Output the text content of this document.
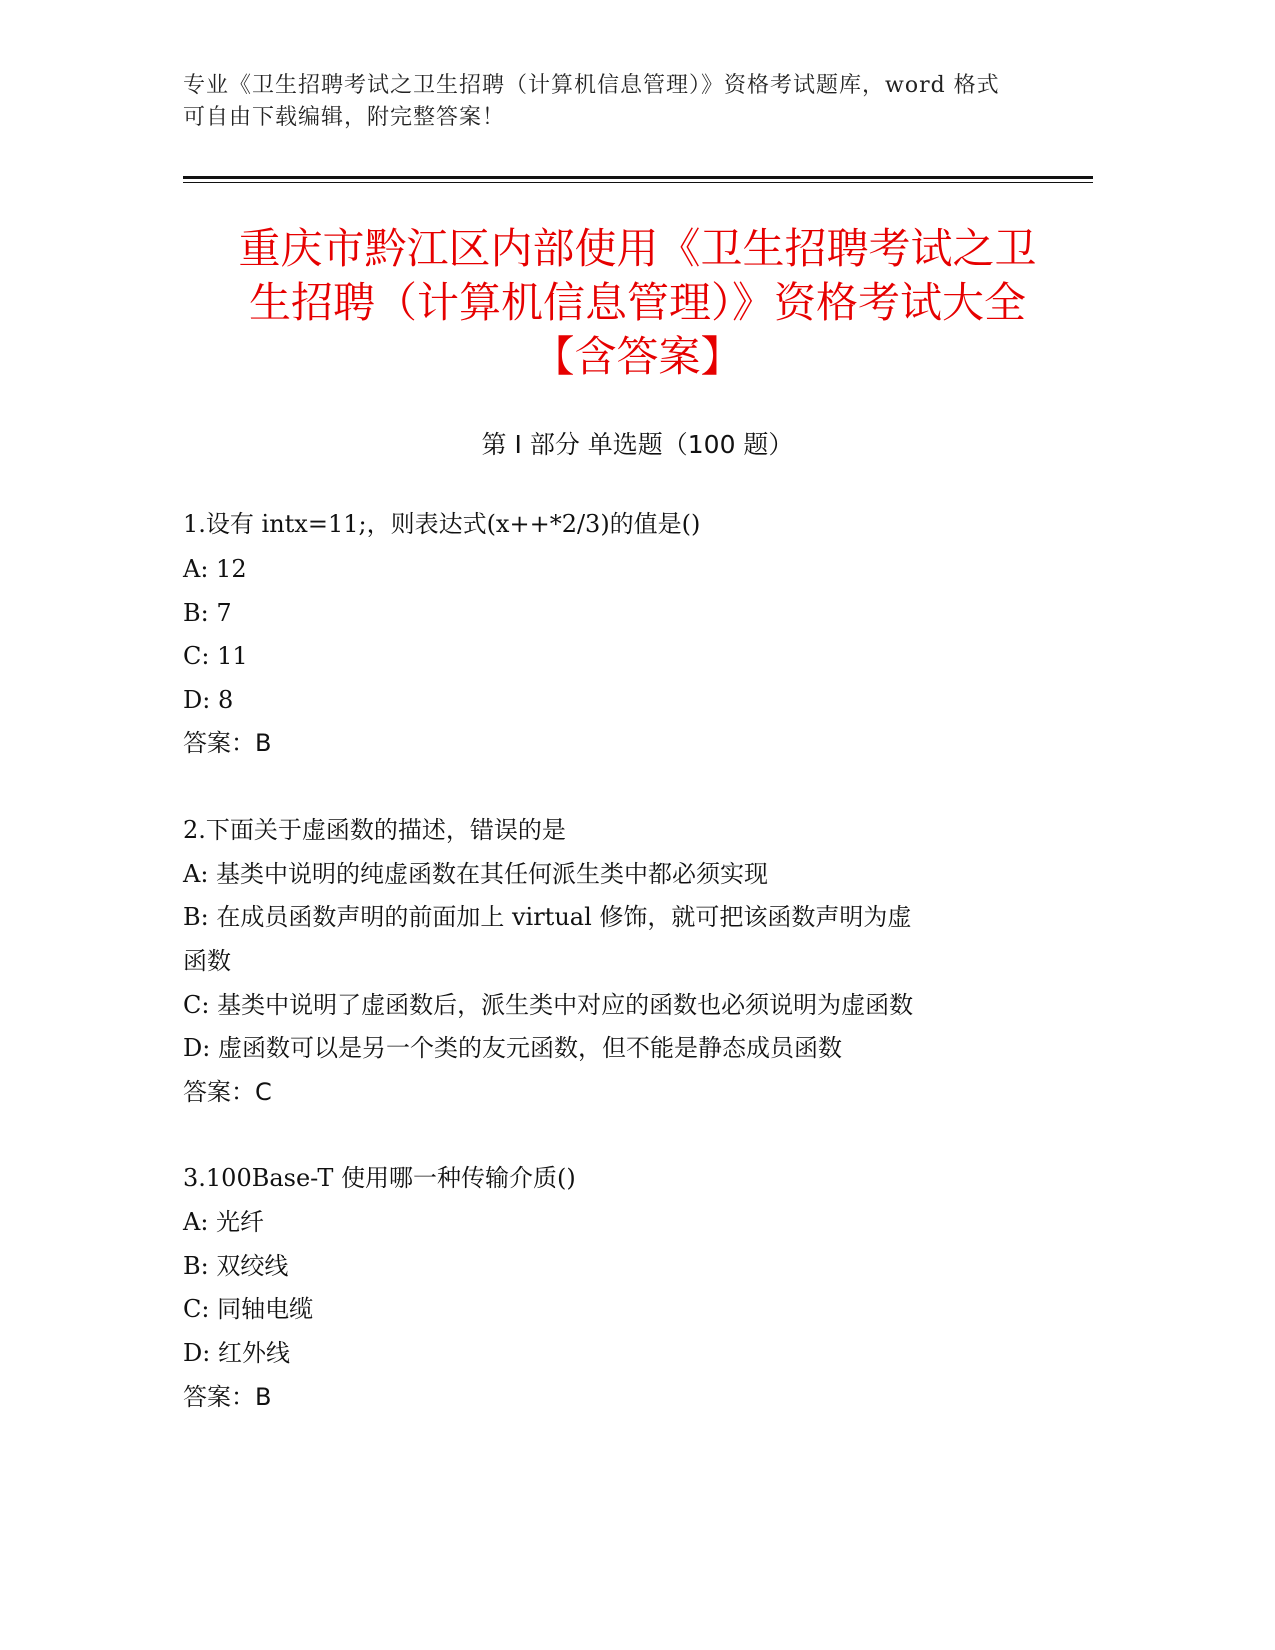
专业《卫生招聘考试之卫生招聘（计算机信息管理）》资格考试题库，word 格式
可自由下载编辑，附完整答案！
重庆市黔江区内部使用《卫生招聘考试之卫
生招聘（计算机信息管理）》资格考试大全
【含答案】
第 I 部分 单选题（100 题）
1.设有 intx=11;，则表达式(x++*2/3)的值是()
A: 12
B: 7
C: 11
D: 8
答案：B
2.下面关于虚函数的描述，错误的是
A: 基类中说明的纯虚函数在其任何派生类中都必须实现
B: 在成员函数声明的前面加上 virtual 修饰，就可把该函数声明为虚
函数
C: 基类中说明了虚函数后，派生类中对应的函数也必须说明为虚函数
D: 虚函数可以是另一个类的友元函数，但不能是静态成员函数
答案：C
3.100Base-T 使用哪一种传输介质()
A: 光纤
B: 双绞线
C: 同轴电缆
D: 红外线
答案：B
